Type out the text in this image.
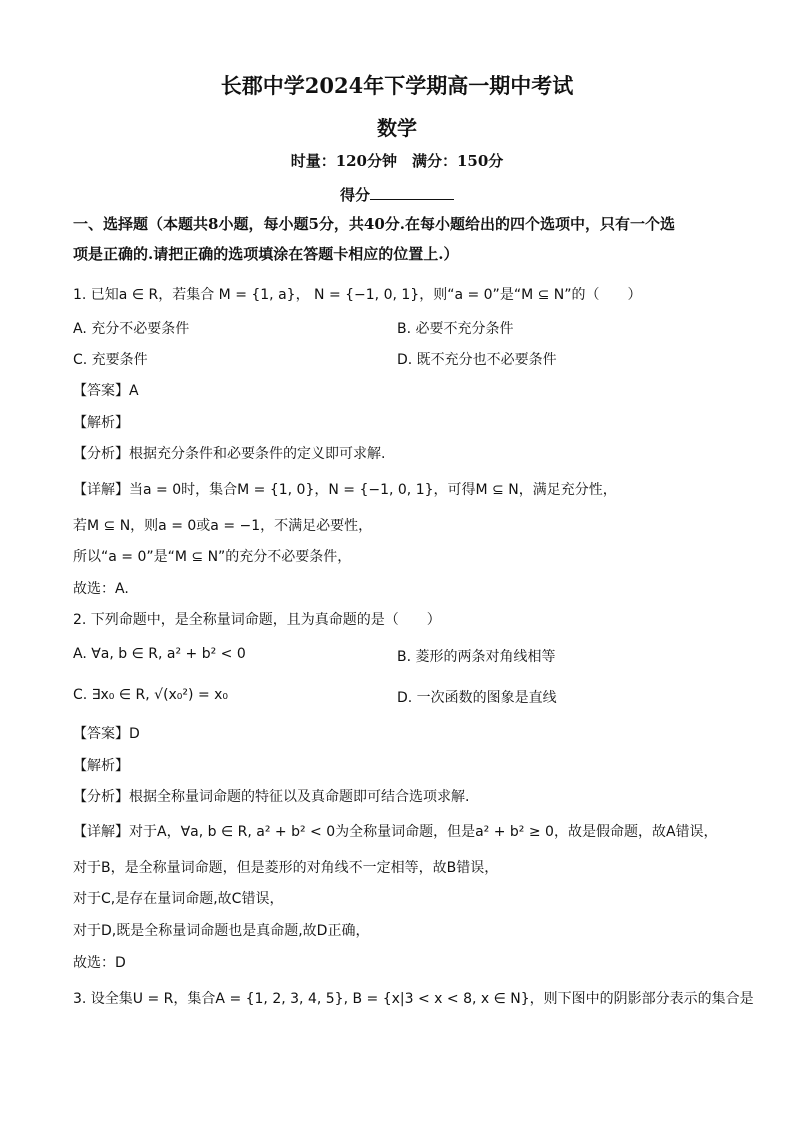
长郡中学2024年下学期高一期中考试
数学
时量：120分钟　满分：150分
得分
一、选择题（本题共8小题，每小题5分，共40分.在每小题给出的四个选项中，只有一个选
项是正确的.请把正确的选项填涂在答题卡相应的位置上.）
1. 已知a ∈ R，若集合 M = {1, a}， N = {−1, 0, 1}，则“a = 0”是“M ⊆ N”的（　　）
A. 充分不必要条件	B. 必要不充分条件
C. 充要条件	D. 既不充分也不必要条件
【答案】A
【解析】
【分析】根据充分条件和必要条件的定义即可求解.
【详解】当a = 0时，集合M = {1, 0}，N = {−1, 0, 1}，可得M ⊆ N，满足充分性，
若M ⊆ N，则a = 0或a = −1，不满足必要性，
所以“a = 0”是“M ⊆ N”的充分不必要条件，
故选：A.
2. 下列命题中，是全称量词命题，且为真命题的是（　　）
A. ∀a, b ∈ R, a² + b² < 0	B. 菱形的两条对角线相等
C. ∃x₀ ∈ R, √(x₀²) = x₀	D. 一次函数的图象是直线
【答案】D
【解析】
【分析】根据全称量词命题的特征以及真命题即可结合选项求解.
【详解】对于A，∀a, b ∈ R, a² + b² < 0为全称量词命题，但是a² + b² ≥ 0，故是假命题，故A错误，
对于B，是全称量词命题，但是菱形的对角线不一定相等，故B错误，
对于C,是存在量词命题,故C错误，
对于D,既是全称量词命题也是真命题,故D正确，
故选：D
3. 设全集U = R，集合A = {1, 2, 3, 4, 5}, B = {x|3 < x < 8, x ∈ N}，则下图中的阴影部分表示的集合是
